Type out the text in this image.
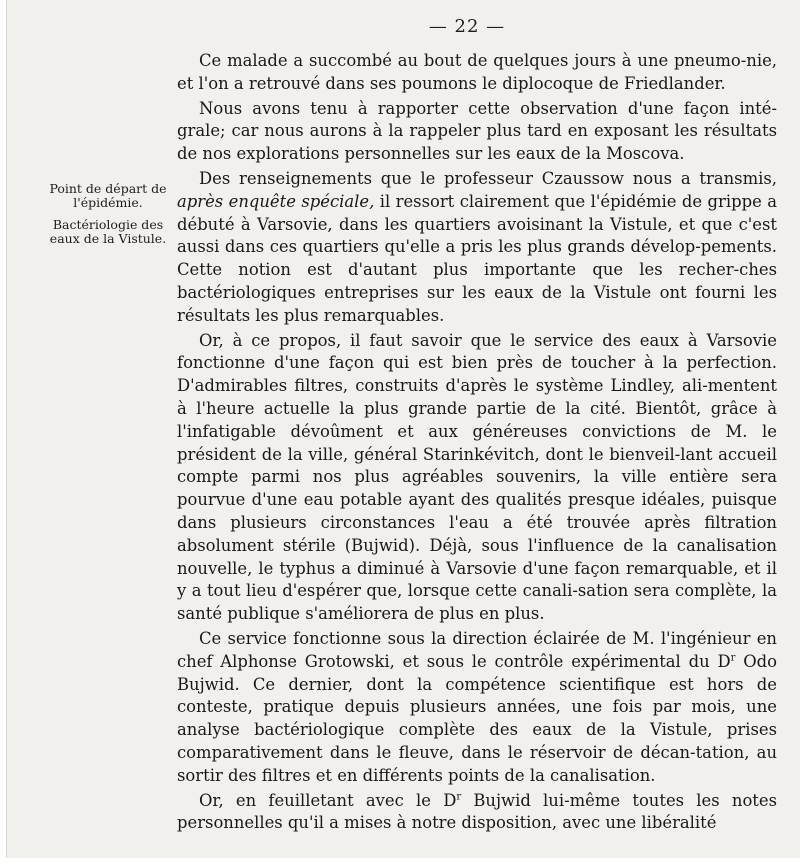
— 22 —

Point de départ de l'épidémie.

Bactériologie des eaux de la Vistule.

Ce malade a succombé au bout de quelques jours à une pneumo-nie, et l'on a retrouvé dans ses poumons le diplocoque de Friedlander.

Nous avons tenu à rapporter cette observation d'une façon inté-grale; car nous aurons à la rappeler plus tard en exposant les résultats de nos explorations personnelles sur les eaux de la Moscova.

Des renseignements que le professeur Czaussow nous a transmis, après enquête spéciale, il ressort clairement que l'épidémie de grippe a débuté à Varsovie, dans les quartiers avoisinant la Vistule, et que c'est aussi dans ces quartiers qu'elle a pris les plus grands dévelop-pements. Cette notion est d'autant plus importante que les recher-ches bactériologiques entreprises sur les eaux de la Vistule ont fourni les résultats les plus remarquables.

Or, à ce propos, il faut savoir que le service des eaux à Varsovie fonctionne d'une façon qui est bien près de toucher à la perfection. D'admirables filtres, construits d'après le système Lindley, ali-mentent à l'heure actuelle la plus grande partie de la cité. Bientôt, grâce à l'infatigable dévoûment et aux généreuses convictions de M. le président de la ville, général Starinkévitch, dont le bienveil-lant accueil compte parmi nos plus agréables souvenirs, la ville entière sera pourvue d'une eau potable ayant des qualités presque idéales, puisque dans plusieurs circonstances l'eau a été trouvée après filtration absolument stérile (Bujwid). Déjà, sous l'influence de la canalisation nouvelle, le typhus a diminué à Varsovie d'une façon remarquable, et il y a tout lieu d'espérer que, lorsque cette canali-sation sera complète, la santé publique s'améliorera de plus en plus.

Ce service fonctionne sous la direction éclairée de M. l'ingénieur en chef Alphonse Grotowski, et sous le contrôle expérimental du $D^r$ Odo Bujwid. Ce dernier, dont la compétence scientifique est hors de conteste, pratique depuis plusieurs années, une fois par mois, une analyse bactériologique complète des eaux de la Vistule, prises comparativement dans le fleuve, dans le réservoir de décan-tation, au sortir des filtres et en différents points de la canalisation.

Or, en feuilletant avec le $D^r$ Bujwid lui-même toutes les notes personnelles qu'il a mises à notre disposition, avec une libéralité
